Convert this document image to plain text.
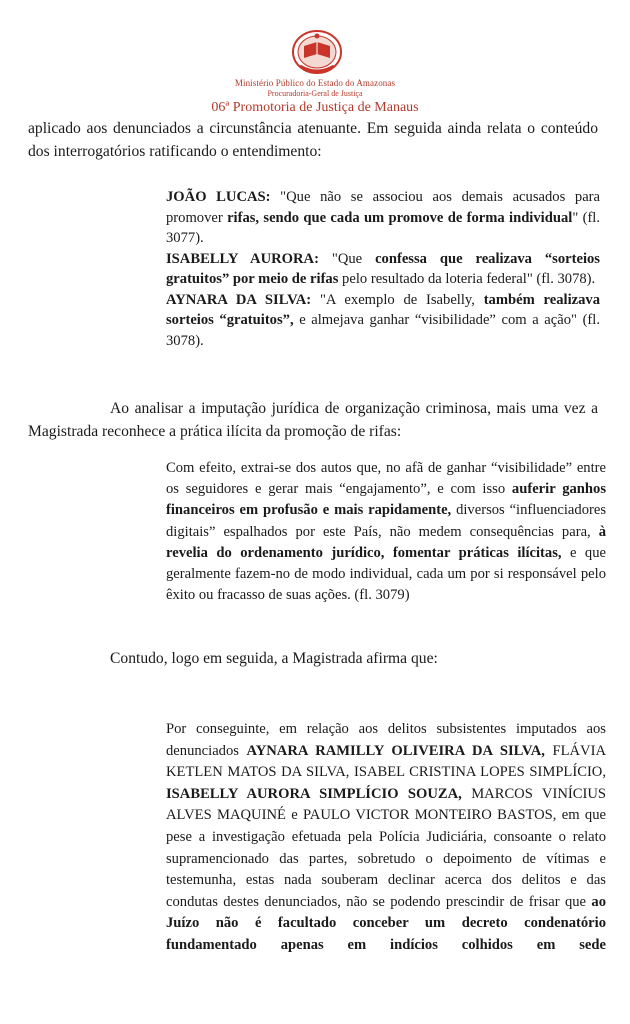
Ministério Público do Estado do Amazonas
Procuradoria-Geral de Justiça
06ª Promotoria de Justiça de Manaus

aplicado aos denunciados a circunstância atenuante. Em seguida ainda relata o conteúdo dos interrogatórios ratificando o entendimento:

JOÃO LUCAS: "Que não se associou aos demais acusados para promover rifas, sendo que cada um promove de forma individual" (fl. 3077).
ISABELLY AURORA: "Que confessa que realizava “sorteios gratuitos” por meio de rifas pelo resultado da loteria federal" (fl. 3078).
AYNARA DA SILVA: "A exemplo de Isabelly, também realizava sorteios “gratuitos”, e almejava ganhar “visibilidade” com a ação" (fl. 3078).

Ao analisar a imputação jurídica de organização criminosa, mais uma vez a Magistrada reconhece a prática ilícita da promoção de rifas:

Com efeito, extrai-se dos autos que, no afã de ganhar “visibilidade” entre os seguidores e gerar mais “engajamento”, e com isso auferir ganhos financeiros em profusão e mais rapidamente, diversos “influenciadores digitais” espalhados por este País, não medem consequências para, à revelia do ordenamento jurídico, fomentar práticas ilícitas, e que geralmente fazem-no de modo individual, cada um por si responsável pelo êxito ou fracasso de suas ações. (fl. 3079)

Contudo, logo em seguida, a Magistrada afirma que:

Por conseguinte, em relação aos delitos subsistentes imputados aos denunciados AYNARA RAMILLY OLIVEIRA DA SILVA, FLÁVIA KETLEN MATOS DA SILVA, ISABEL CRISTINA LOPES SIMPLÍCIO, ISABELLY AURORA SIMPLÍCIO SOUZA, MARCOS VINÍCIUS ALVES MAQUINÉ e PAULO VICTOR MONTEIRO BASTOS, em que pese a investigação efetuada pela Polícia Judiciária, consoante o relato supramencionado das partes, sobretudo o depoimento de vítimas e testemunha, estas nada souberam declinar acerca dos delitos e das condutas destes denunciados, não se podendo prescindir de frisar que ao Juízo não é facultado conceber um decreto condenatório fundamentado apenas em indícios colhidos em sede
